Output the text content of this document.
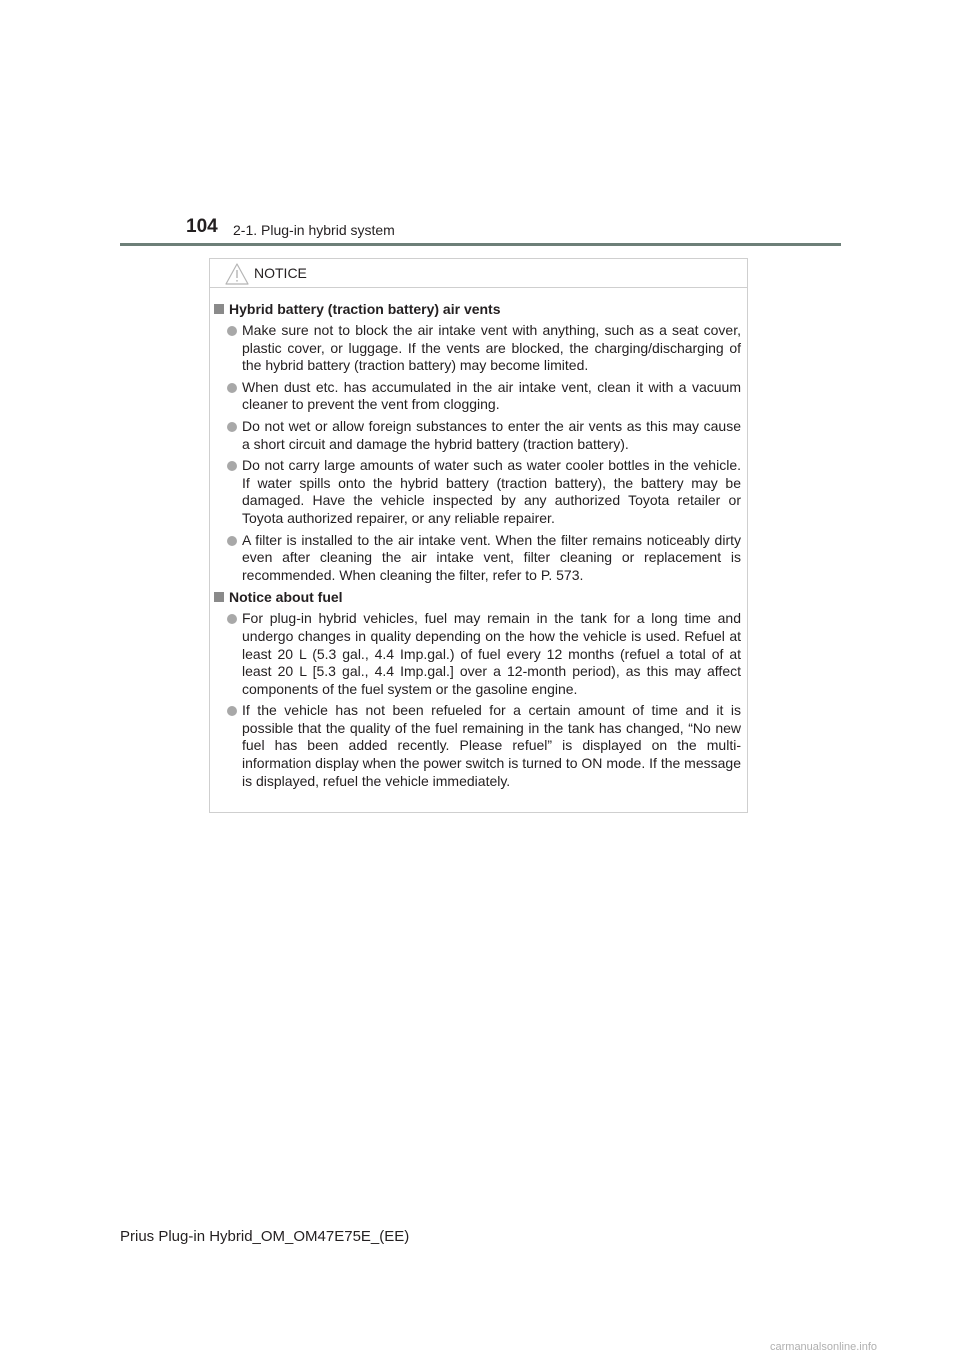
104 2-1. Plug-in hybrid system
NOTICE
Hybrid battery (traction battery) air vents
Make sure not to block the air intake vent with anything, such as a seat cover, plastic cover, or luggage. If the vents are blocked, the charging/discharging of the hybrid battery (traction battery) may become limited.
When dust etc. has accumulated in the air intake vent, clean it with a vacuum cleaner to prevent the vent from clogging.
Do not wet or allow foreign substances to enter the air vents as this may cause a short circuit and damage the hybrid battery (traction battery).
Do not carry large amounts of water such as water cooler bottles in the vehicle. If water spills onto the hybrid battery (traction battery), the battery may be damaged. Have the vehicle inspected by any authorized Toyota retailer or Toyota authorized repairer, or any reliable repairer.
A filter is installed to the air intake vent. When the filter remains noticeably dirty even after cleaning the air intake vent, filter cleaning or replacement is recommended. When cleaning the filter, refer to P. 573.
Notice about fuel
For plug-in hybrid vehicles, fuel may remain in the tank for a long time and undergo changes in quality depending on the how the vehicle is used. Refuel at least 20 L (5.3 gal., 4.4 Imp.gal.) of fuel every 12 months (refuel a total of at least 20 L [5.3 gal., 4.4 Imp.gal.] over a 12-month period), as this may affect components of the fuel system or the gasoline engine.
If the vehicle has not been refueled for a certain amount of time and it is possible that the quality of the fuel remaining in the tank has changed, “No new fuel has been added recently. Please refuel” is displayed on the multi-information display when the power switch is turned to ON mode. If the message is displayed, refuel the vehicle immediately.
Prius Plug-in Hybrid_OM_OM47E75E_(EE)
carmanualsonline.info
